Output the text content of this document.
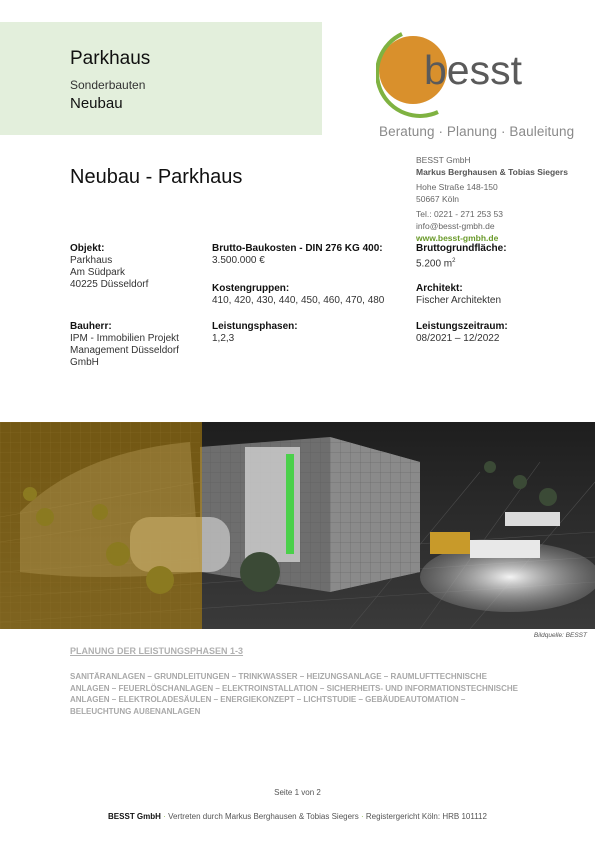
Parkhaus
Sonderbauten
Neubau
besst
Beratung · Planung · Bauleitung
Neubau - Parkhaus
BESST GmbH
Markus Berghausen & Tobias Siegers
Hohe Straße 148-150
50667 Köln
Tel.: 0221 - 271 253 53
info@besst-gmbh.de
www.besst-gmbh.de
Objekt:
Parkhaus
Am Südpark
40225 Düsseldorf
Brutto-Baukosten - DIN 276 KG 400:
3.500.000 €
Bruttogrundfläche:
5.200 $m^2$
Kostengruppen:
410, 420, 430, 440, 450, 460, 470, 480
Architekt:
Fischer Architekten
Bauherr:
IPM - Immobilien Projekt
Management Düsseldorf
GmbH
Leistungsphasen:
1,2,3
Leistungszeitraum:
08/2021 – 12/2022
Bildquelle: BESST
PLANUNG DER LEISTUNGSPHASEN 1-3
SANITÄRANLAGEN – GRUNDLEITUNGEN – TRINKWASSER – HEIZUNGSANLAGE – RAUMLUFTTECHNISCHE ANLAGEN – FEUERLÖSCHANLAGEN – ELEKTROINSTALLATION – SICHERHEITS- UND INFORMATIONSTECHNISCHE ANLAGEN – ELEKTROLADESÄULEN – ENERGIEKONZEPT – LICHTSTUDIE – GEBÄUDEAUTOMATION – BELEUCHTUNG AUßENANLAGEN
Seite 1 von 2
BESST GmbH · Vertreten durch Markus Berghausen & Tobias Siegers · Registergericht Köln: HRB 101112
